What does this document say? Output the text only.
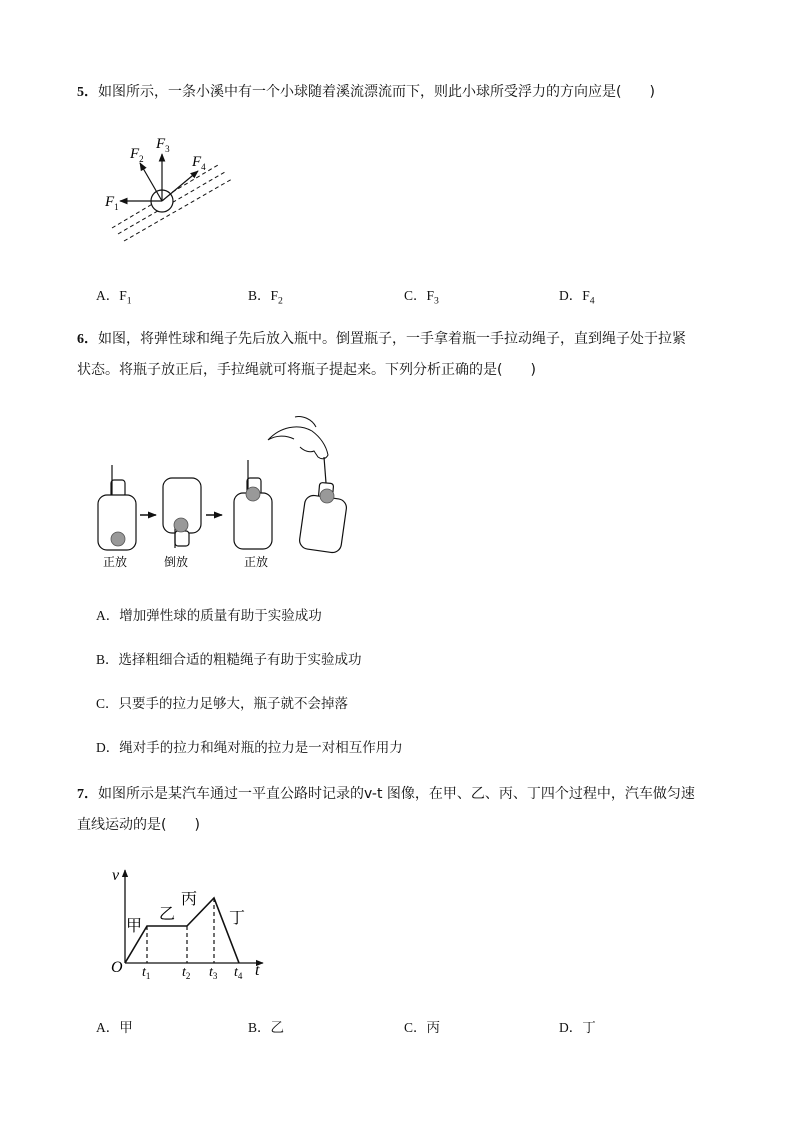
5．如图所示，一条小溪中有一个小球随着溪流漂流而下，则此小球所受浮力的方向应是(　　)

$F_1$
$F_2$
$F_3$
$F_4$
A．$F_1$	B．$F_2$	C．$F_3$	D．$F_4$

6．如图，将弹性球和绳子先后放入瓶中。倒置瓶子，一手拿着瓶一手拉动绳子，直到绳子处于拉紧

状态。将瓶子放正后，手拉绳就可将瓶子提起来。下列分析正确的是(　　)

正放	倒放	正放
A．增加弹性球的质量有助于实验成功
B．选择粗细合适的粗糙绳子有助于实验成功
C．只要手的拉力足够大，瓶子就不会掉落
D．绳对手的拉力和绳对瓶的拉力是一对相互作用力

7．如图所示是某汽车通过一平直公路时记录的v-t 图像，在甲、乙、丙、丁四个过程中，汽车做匀速

直线运动的是(　　)

v
t
O $t_1$ $t_2$ $t_3$ $t_4$
甲
乙
丙
丁
A．甲	B．乙	C．丙	D．丁
